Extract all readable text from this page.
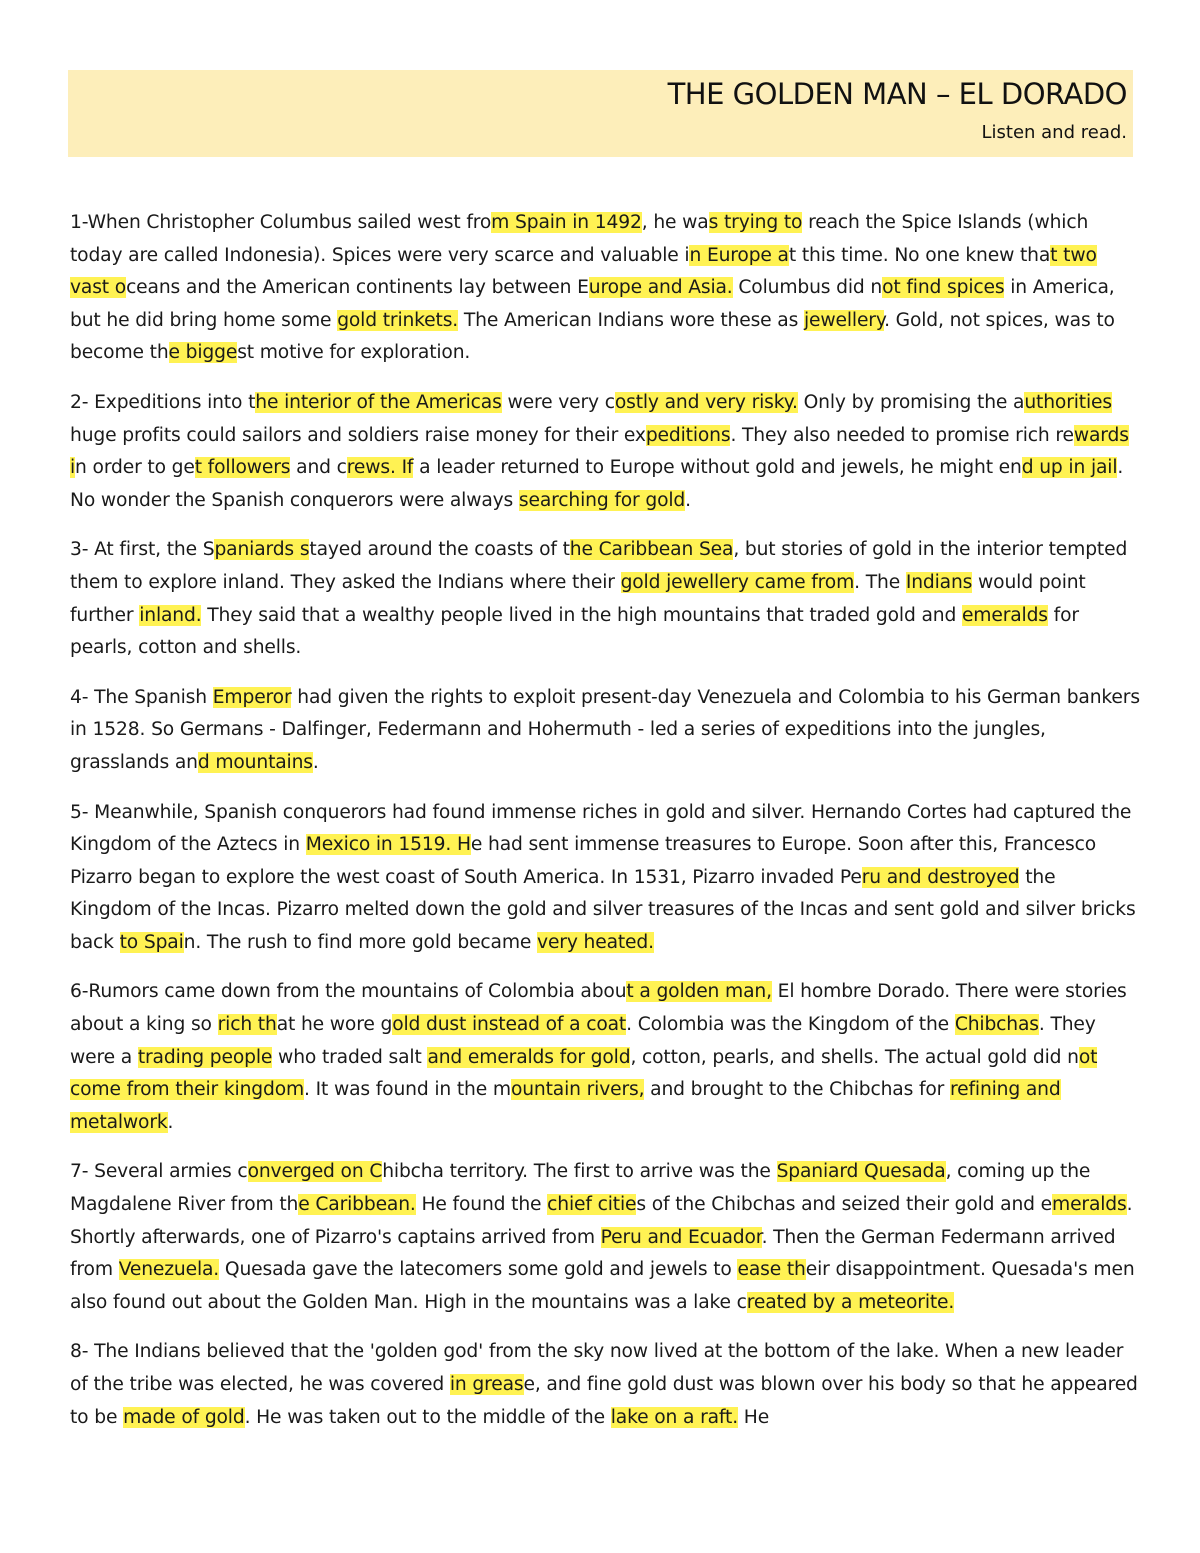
THE GOLDEN MAN – EL DORADO
Listen and read.

1-When Christopher Columbus sailed west from Spain in 1492, he was trying to reach the Spice Islands (which today are called Indonesia). Spices were very scarce and valuable in Europe at this time. No one knew that two vast oceans and the American continents lay between Europe and Asia. Columbus did not find spices in America, but he did bring home some gold trinkets. The American Indians wore these as jewellery. Gold, not spices, was to become the biggest motive for exploration.

2- Expeditions into the interior of the Americas were very costly and very risky. Only by promising the authorities huge profits could sailors and soldiers raise money for their expeditions. They also needed to promise rich rewards in order to get followers and crews. If a leader returned to Europe without gold and jewels, he might end up in jail. No wonder the Spanish conquerors were always searching for gold.

3- At first, the Spaniards stayed around the coasts of the Caribbean Sea, but stories of gold in the interior tempted them to explore inland. They asked the Indians where their gold jewellery came from. The Indians would point further inland. They said that a wealthy people lived in the high mountains that traded gold and emeralds for pearls, cotton and shells.

4- The Spanish Emperor had given the rights to exploit present-day Venezuela and Colombia to his German bankers in 1528. So Germans - Dalfinger, Federmann and Hohermuth - led a series of expeditions into the jungles, grasslands and mountains.

5- Meanwhile, Spanish conquerors had found immense riches in gold and silver. Hernando Cortes had captured the Kingdom of the Aztecs in Mexico in 1519. He had sent immense treasures to Europe. Soon after this, Francesco Pizarro began to explore the west coast of South America. In 1531, Pizarro invaded Peru and destroyed the Kingdom of the Incas. Pizarro melted down the gold and silver treasures of the Incas and sent gold and silver bricks back to Spain. The rush to find more gold became very heated.

6-Rumors came down from the mountains of Colombia about a golden man, El hombre Dorado. There were stories about a king so rich that he wore gold dust instead of a coat. Colombia was the Kingdom of the Chibchas. They were a trading people who traded salt and emeralds for gold, cotton, pearls, and shells. The actual gold did not come from their kingdom. It was found in the mountain rivers, and brought to the Chibchas for refining and metalwork.

7- Several armies converged on Chibcha territory. The first to arrive was the Spaniard Quesada, coming up the Magdalene River from the Caribbean. He found the chief cities of the Chibchas and seized their gold and emeralds. Shortly afterwards, one of Pizarro's captains arrived from Peru and Ecuador. Then the German Federmann arrived from Venezuela. Quesada gave the latecomers some gold and jewels to ease their disappointment. Quesada's men also found out about the Golden Man. High in the mountains was a lake created by a meteorite.

8- The Indians believed that the 'golden god' from the sky now lived at the bottom of the lake. When a new leader of the tribe was elected, he was covered in grease, and fine gold dust was blown over his body so that he appeared to be made of gold. He was taken out to the middle of the lake on a raft. He
